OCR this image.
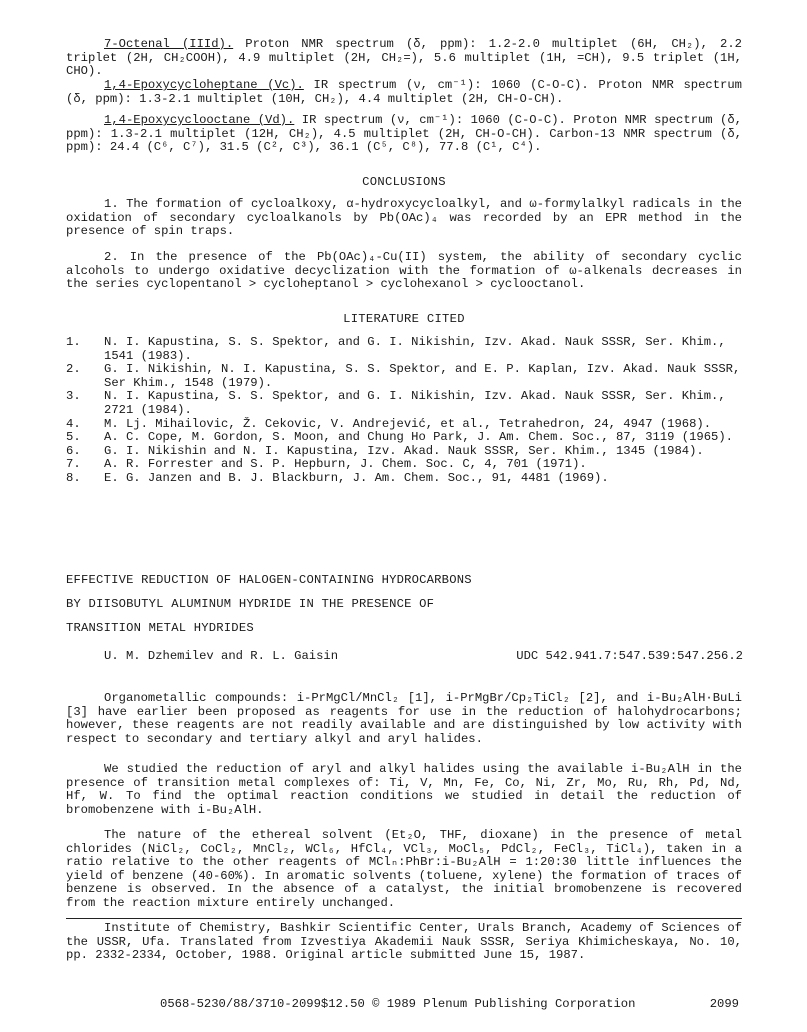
7-Octenal (IIId). Proton NMR spectrum (δ, ppm): 1.2-2.0 multiplet (6H, CH₂), 2.2 triplet (2H, CH₂COOH), 4.9 multiplet (2H, CH₂=), 5.6 multiplet (1H, =CH), 9.5 triplet (1H, CHO).

1,4-Epoxycycloheptane (Vc). IR spectrum (ν, cm⁻¹): 1060 (C-O-C). Proton NMR spectrum (δ, ppm): 1.3-2.1 multiplet (10H, CH₂), 4.4 multiplet (2H, CH-O-CH).

1,4-Epoxycyclooctane (Vd). IR spectrum (ν, cm⁻¹): 1060 (C-O-C). Proton NMR spectrum (δ, ppm): 1.3-2.1 multiplet (12H, CH₂), 4.5 multiplet (2H, CH-O-CH). Carbon-13 NMR spectrum (δ, ppm): 24.4 (C⁶, C⁷), 31.5 (C², C³), 36.1 (C⁵, C⁸), 77.8 (C¹, C⁴).

CONCLUSIONS

1. The formation of cycloalkoxy, α-hydroxycycloalkyl, and ω-formylalkyl radicals in the oxidation of secondary cycloalkanols by Pb(OAc)₄ was recorded by an EPR method in the presence of spin traps.

2. In the presence of the Pb(OAc)₄-Cu(II) system, the ability of secondary cyclic alcohols to undergo oxidative decyclization with the formation of ω-alkenals decreases in the series cyclopentanol > cycloheptanol > cyclohexanol > cyclooctanol.

LITERATURE CITED
1.	N. I. Kapustina, S. S. Spektor, and G. I. Nikishin, Izv. Akad. Nauk SSSR, Ser. Khim., 1541 (1983).
2.	G. I. Nikishin, N. I. Kapustina, S. S. Spektor, and E. P. Kaplan, Izv. Akad. Nauk SSSR, Ser Khim., 1548 (1979).
3.	N. I. Kapustina, S. S. Spektor, and G. I. Nikishin, Izv. Akad. Nauk SSSR, Ser. Khim., 2721 (1984).
4.	M. Lj. Mihailovic, Ž. Cekovic, V. Andrejević, et al., Tetrahedron, 24, 4947 (1968).
5.	A. C. Cope, M. Gordon, S. Moon, and Chung Ho Park, J. Am. Chem. Soc., 87, 3119 (1965).
6.	G. I. Nikishin and N. I. Kapustina, Izv. Akad. Nauk SSSR, Ser. Khim., 1345 (1984).
7.	A. R. Forrester and S. P. Hepburn, J. Chem. Soc. C, 4, 701 (1971).
8.	E. G. Janzen and B. J. Blackburn, J. Am. Chem. Soc., 91, 4481 (1969).
EFFECTIVE REDUCTION OF HALOGEN-CONTAINING HYDROCARBONS
BY DIISOBUTYL ALUMINUM HYDRIDE IN THE PRESENCE OF
TRANSITION METAL HYDRIDES
U. M. Dzhemilev and R. L. Gaisin	UDC 542.941.7:547.539:547.256.2

Organometallic compounds: i-PrMgCl/MnCl₂ [1], i-PrMgBr/Cp₂TiCl₂ [2], and i-Bu₂AlH·BuLi [3] have earlier been proposed as reagents for use in the reduction of halohydrocarbons; however, these reagents are not readily available and are distinguished by low activity with respect to secondary and tertiary alkyl and aryl halides.

We studied the reduction of aryl and alkyl halides using the available i-Bu₂AlH in the presence of transition metal complexes of: Ti, V, Mn, Fe, Co, Ni, Zr, Mo, Ru, Rh, Pd, Nd, Hf, W. To find the optimal reaction conditions we studied in detail the reduction of bromobenzene with i-Bu₂AlH.

The nature of the ethereal solvent (Et₂O, THF, dioxane) in the presence of metal chlorides (NiCl₂, CoCl₂, MnCl₂, WCl₆, HfCl₄, VCl₃, MoCl₅, PdCl₂, FeCl₃, TiCl₄), taken in a ratio relative to the other reagents of MClₙ:PhBr:i-Bu₂AlH = 1:20:30 little influences the yield of benzene (40-60%). In aromatic solvents (toluene, xylene) the formation of traces of benzene is observed. In the absence of a catalyst, the initial bromobenzene is recovered from the reaction mixture entirely unchanged.

Institute of Chemistry, Bashkir Scientific Center, Urals Branch, Academy of Sciences of the USSR, Ufa. Translated from Izvestiya Akademii Nauk SSSR, Seriya Khimicheskaya, No. 10, pp. 2332-2334, October, 1988. Original article submitted June 15, 1987.

0568-5230/88/3710-2099$12.50 © 1989 Plenum Publishing Corporation	2099
